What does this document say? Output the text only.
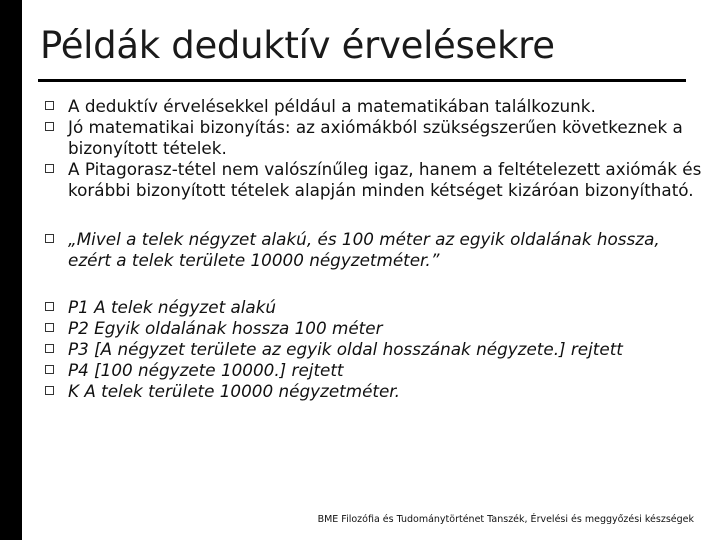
Példák deduktív érvelésekre
A deduktív érvelésekkel például a matematikában találkozunk.
Jó matematikai bizonyítás: az axiómákból szükségszerűen következnek a bizonyított tételek.
A Pitagorasz-tétel nem valószínűleg igaz, hanem a feltételezett axiómák és korábbi bizonyított tételek alapján minden kétséget kizáróan bizonyítható.
„Mivel a telek négyzet alakú, és 100 méter az egyik oldalának hossza, ezért a telek területe 10000 négyzetméter.”
P1 A telek négyzet alakú
P2 Egyik oldalának hossza 100 méter
P3 [A négyzet területe az egyik oldal hosszának négyzete.] rejtett
P4 [100 négyzete 10000.] rejtett
K A telek területe 10000 négyzetméter.
BME Filozófia és Tudománytörténet Tanszék, Érvelési és meggyőzési készségek
